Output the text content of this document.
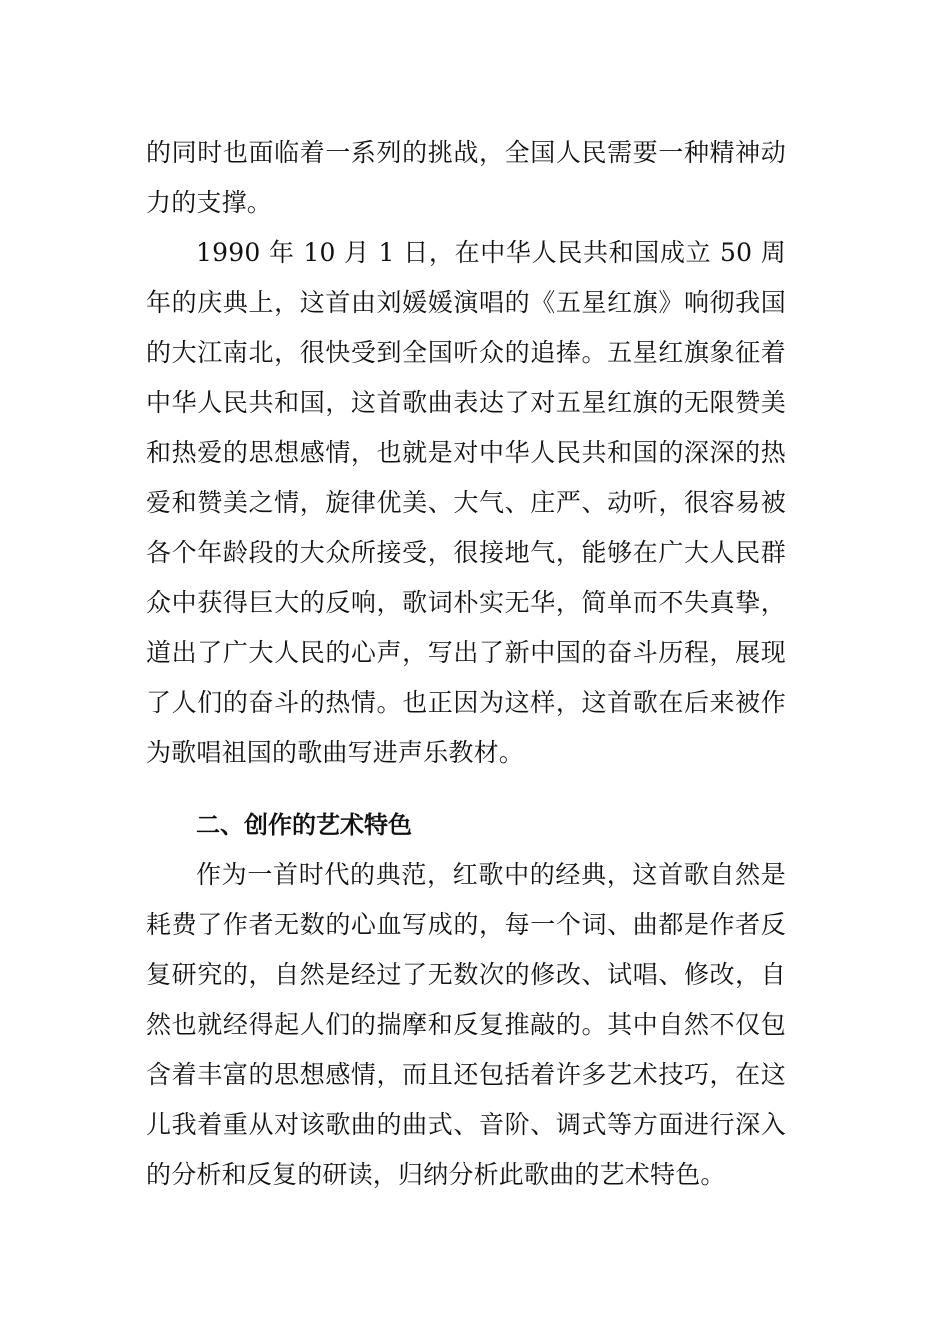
的同时也面临着一系列的挑战，全国人民需要一种精神动力的支撑。

1990 年 10 月 1 日，在中华人民共和国成立 50 周年的庆典上，这首由刘媛媛演唱的《五星红旗》响彻我国的大江南北，很快受到全国听众的追捧。五星红旗象征着中华人民共和国，这首歌曲表达了对五星红旗的无限赞美和热爱的思想感情，也就是对中华人民共和国的深深的热爱和赞美之情，旋律优美、大气、庄严、动听，很容易被各个年龄段的大众所接受，很接地气，能够在广大人民群众中获得巨大的反响，歌词朴实无华，简单而不失真挚，道出了广大人民的心声，写出了新中国的奋斗历程，展现了人们的奋斗的热情。也正因为这样，这首歌在后来被作为歌唱祖国的歌曲写进声乐教材。

二、创作的艺术特色

作为一首时代的典范，红歌中的经典，这首歌自然是耗费了作者无数的心血写成的，每一个词、曲都是作者反复研究的，自然是经过了无数次的修改、试唱、修改，自然也就经得起人们的揣摩和反复推敲的。其中自然不仅包含着丰富的思想感情，而且还包括着许多艺术技巧，在这儿我着重从对该歌曲的曲式、音阶、调式等方面进行深入的分析和反复的研读，归纳分析此歌曲的艺术特色。
